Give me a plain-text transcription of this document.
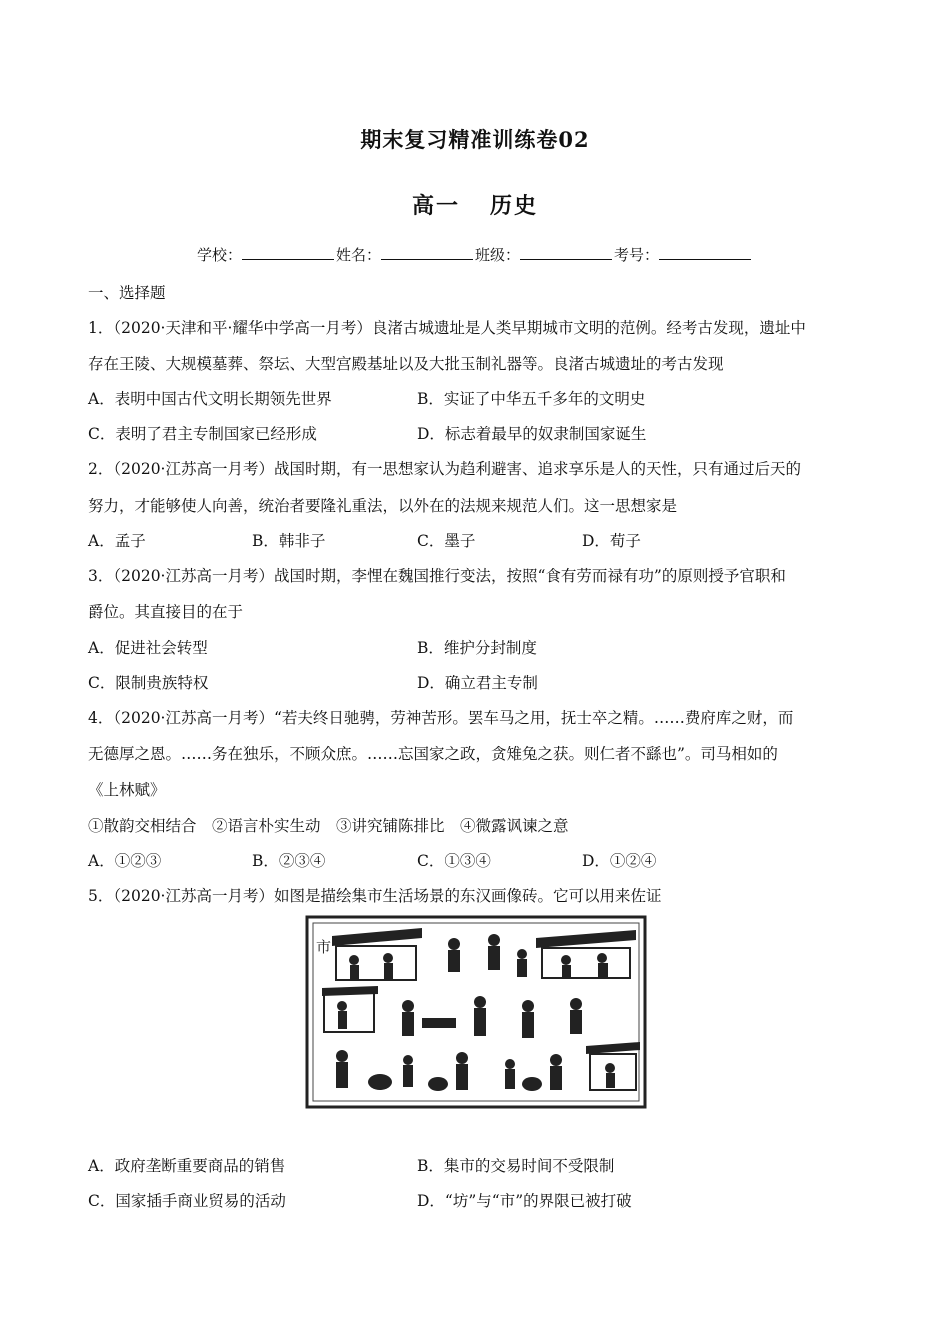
期末复习精准训练卷02
高一 历史
学校：	姓名：	班级：	考号：
一、选择题
1．（2020·天津和平·耀华中学高一月考）良渚古城遗址是人类早期城市文明的范例。经考古发现，遗址中
存在王陵、大规模墓葬、祭坛、大型宫殿基址以及大批玉制礼器等。良渚古城遗址的考古发现
A．表明中国古代文明长期领先世界	B．实证了中华五千多年的文明史
C．表明了君主专制国家已经形成	D．标志着最早的奴隶制国家诞生
2．（2020·江苏高一月考）战国时期，有一思想家认为趋利避害、追求享乐是人的天性，只有通过后天的
努力，才能够使人向善，统治者要隆礼重法，以外在的法规来规范人们。这一思想家是
A．孟子	B．韩非子	C．墨子	D．荀子
3．（2020·江苏高一月考）战国时期，李悝在魏国推行变法，按照“食有劳而禄有功”的原则授予官职和
爵位。其直接目的在于
A．促进社会转型	B．维护分封制度
C．限制贵族特权	D．确立君主专制
4．（2020·江苏高一月考）“若夫终日驰骋，劳神苦形。罢车马之用，抚士卒之精。……费府库之财，而
无德厚之恩。……务在独乐，不顾众庶。……忘国家之政，贪雉兔之获。则仁者不繇也”。司马相如的
《上林赋》
①散韵交相结合　②语言朴实生动　③讲究铺陈排比　④微露讽谏之意
A．①②③	B．②③④	C．①③④	D．①②④
5．（2020·江苏高一月考）如图是描绘集市生活场景的东汉画像砖。它可以用来佐证
市
A．政府垄断重要商品的销售	B．集市的交易时间不受限制
C．国家插手商业贸易的活动	D．“坊”与“市”的界限已被打破
